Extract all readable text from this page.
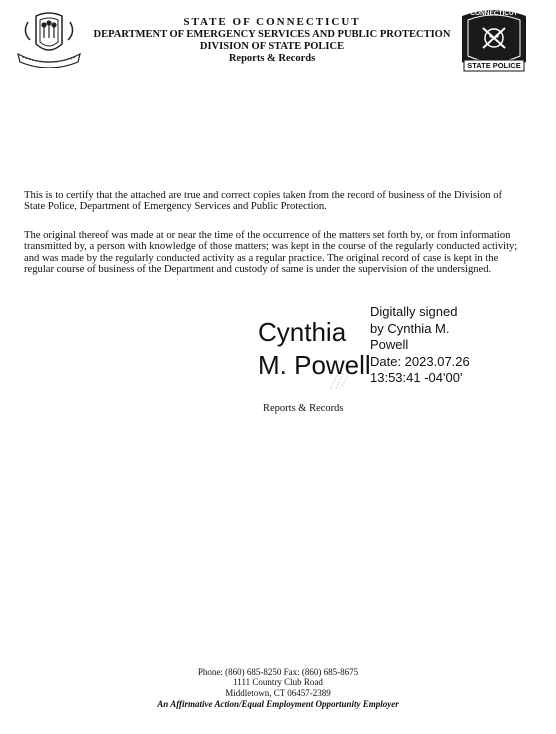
CONNECTICUT
STATE POLICE
STATE OF CONNECTICUT
DEPARTMENT OF EMERGENCY SERVICES AND PUBLIC PROTECTION
DIVISION OF STATE POLICE
Reports & Records
This is to certify that the attached are true and correct copies taken from the record of business of the Division of State Police, Department of Emergency Services and Public Protection.
The original thereof was made at or near the time of the occurrence of the matters set forth by, or from information transmitted by, a person with knowledge of those matters; was kept in the course of the regularly conducted activity; and was made by the regularly conducted activity as a regular practice. The original record of case is kept in the regular course of business of the Department and custody of same is under the supervision of the undersigned.
Cynthia
M. Powell
Digitally signed
by Cynthia M.
Powell
Date: 2023.07.26
13:53:41 -04'00'
Reports & Records
Phone: (860) 685-8250 Fax: (860) 685-8675
1111 Country Club Road
Middletown, CT 06457-2389
An Affirmative Action/Equal Employment Opportunity Employer
